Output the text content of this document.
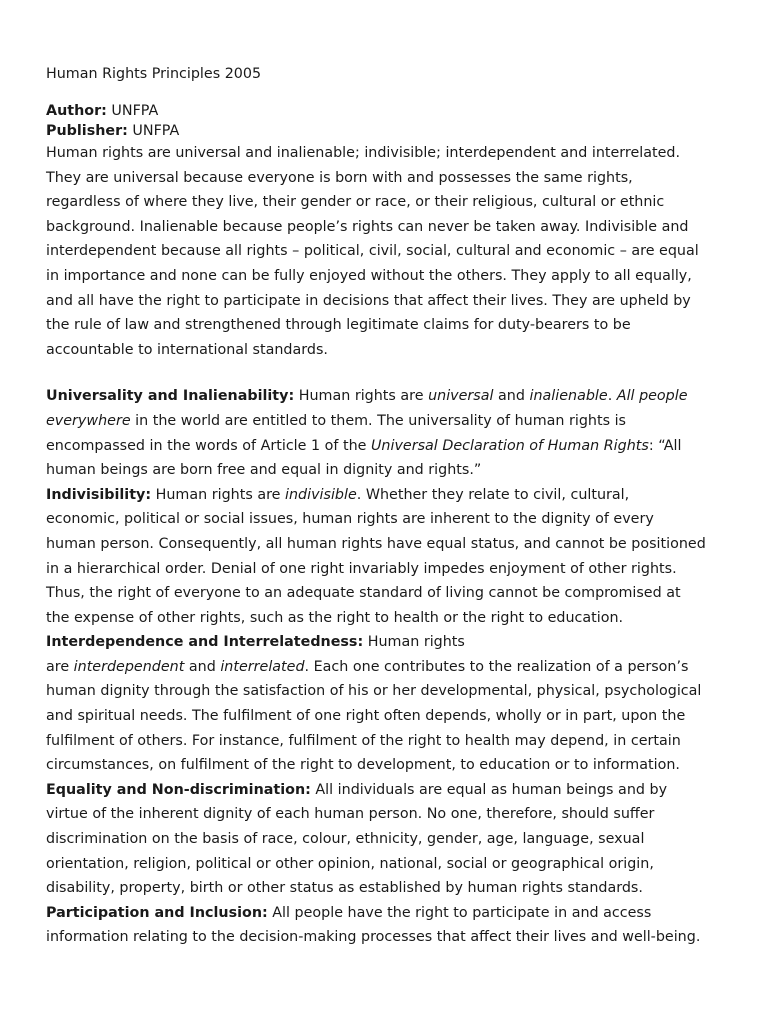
Human Rights Principles 2005

Author: UNFPA

Publisher: UNFPA

Human rights are universal and inalienable; indivisible; interdependent and interrelated. They are universal because everyone is born with and possesses the same rights, regardless of where they live, their gender or race, or their religious, cultural or ethnic background. Inalienable because people’s rights can never be taken away. Indivisible and interdependent because all rights – political, civil, social, cultural and economic – are equal in importance and none can be fully enjoyed without the others. They apply to all equally, and all have the right to participate in decisions that affect their lives. They are upheld by the rule of law and strengthened through legitimate claims for duty-bearers to be accountable to international standards.

Universality and Inalienability: Human rights are universal and inalienable. All people everywhere in the world are entitled to them. The universality of human rights is encompassed in the words of Article 1 of the Universal Declaration of Human Rights: “All human beings are born free and equal in dignity and rights.”

Indivisibility: Human rights are indivisible. Whether they relate to civil, cultural, economic, political or social issues, human rights are inherent to the dignity of every human person. Consequently, all human rights have equal status, and cannot be positioned in a hierarchical order. Denial of one right invariably impedes enjoyment of other rights. Thus, the right of everyone to an adequate standard of living cannot be compromised at the expense of other rights, such as the right to health or the right to education.

Interdependence and Interrelatedness: Human rights
are interdependent and interrelated. Each one contributes to the realization of a person’s human dignity through the satisfaction of his or her developmental, physical, psychological and spiritual needs. The fulfilment of one right often depends, wholly or in part, upon the fulfilment of others. For instance, fulfilment of the right to health may depend, in certain circumstances, on fulfilment of the right to development, to education or to information.

Equality and Non-discrimination: All individuals are equal as human beings and by virtue of the inherent dignity of each human person. No one, therefore, should suffer discrimination on the basis of race, colour, ethnicity, gender, age, language, sexual orientation, religion, political or other opinion, national, social or geographical origin, disability, property, birth or other status as established by human rights standards.

Participation and Inclusion: All people have the right to participate in and access information relating to the decision-making processes that affect their lives and well-being.
